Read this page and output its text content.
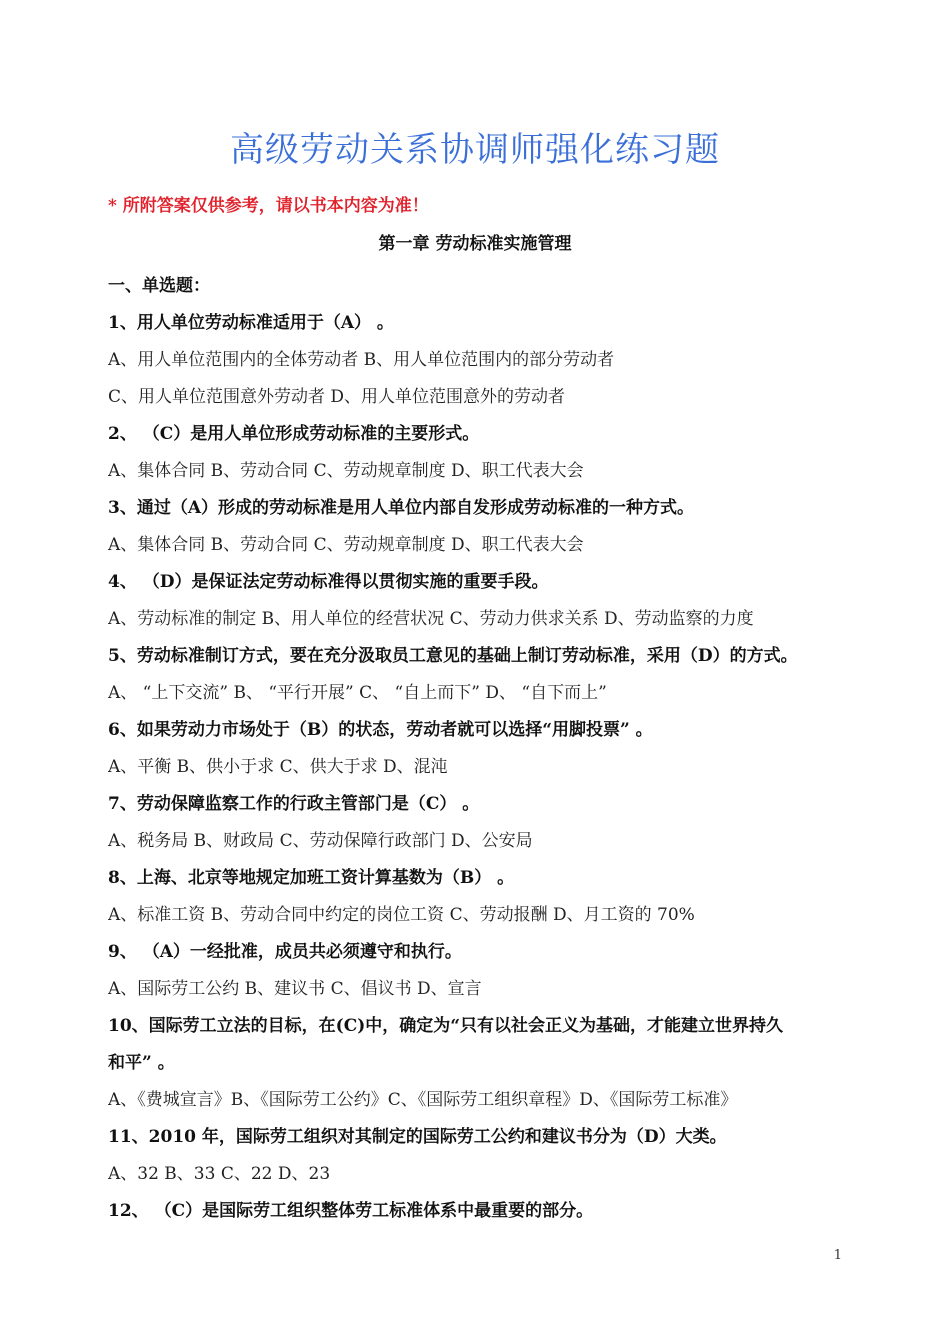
高级劳动关系协调师强化练习题
* 所附答案仅供参考，请以书本内容为准！
第一章 劳动标准实施管理
一、单选题：
1、用人单位劳动标准适用于（A） 。
A、用人单位范围内的全体劳动者 B、用人单位范围内的部分劳动者
C、用人单位范围意外劳动者 D、用人单位范围意外的劳动者
2、 （C）是用人单位形成劳动标准的主要形式。
A、集体合同 B、劳动合同 C、劳动规章制度 D、职工代表大会
3、通过（A）形成的劳动标准是用人单位内部自发形成劳动标准的一种方式。
A、集体合同 B、劳动合同 C、劳动规章制度 D、职工代表大会
4、 （D）是保证法定劳动标准得以贯彻实施的重要手段。
A、劳动标准的制定 B、用人单位的经营状况 C、劳动力供求关系 D、劳动监察的力度
5、劳动标准制订方式，要在充分汲取员工意见的基础上制订劳动标准，采用（D）的方式。
A、 “上下交流” B、 “平行开展” C、 “自上而下” D、 “自下而上”
6、如果劳动力市场处于（B）的状态，劳动者就可以选择“用脚投票” 。
A、平衡 B、供小于求 C、供大于求 D、混沌
7、劳动保障监察工作的行政主管部门是（C） 。
A、税务局 B、财政局 C、劳动保障行政部门 D、公安局
8、上海、北京等地规定加班工资计算基数为（B） 。
A、标准工资 B、劳动合同中约定的岗位工资 C、劳动报酬 D、月工资的 70%
9、 （A）一经批准，成员共必须遵守和执行。
A、国际劳工公约 B、建议书 C、倡议书 D、宣言
10、国际劳工立法的目标，在(C)中，确定为“只有以社会正义为基础，才能建立世界持久
和平” 。
A、《费城宣言》B、《国际劳工公约》C、《国际劳工组织章程》D、《国际劳工标准》
11、2010 年，国际劳工组织对其制定的国际劳工公约和建议书分为（D）大类。
A、32 B、33 C、22 D、23
12、 （C）是国际劳工组织整体劳工标准体系中最重要的部分。
1
